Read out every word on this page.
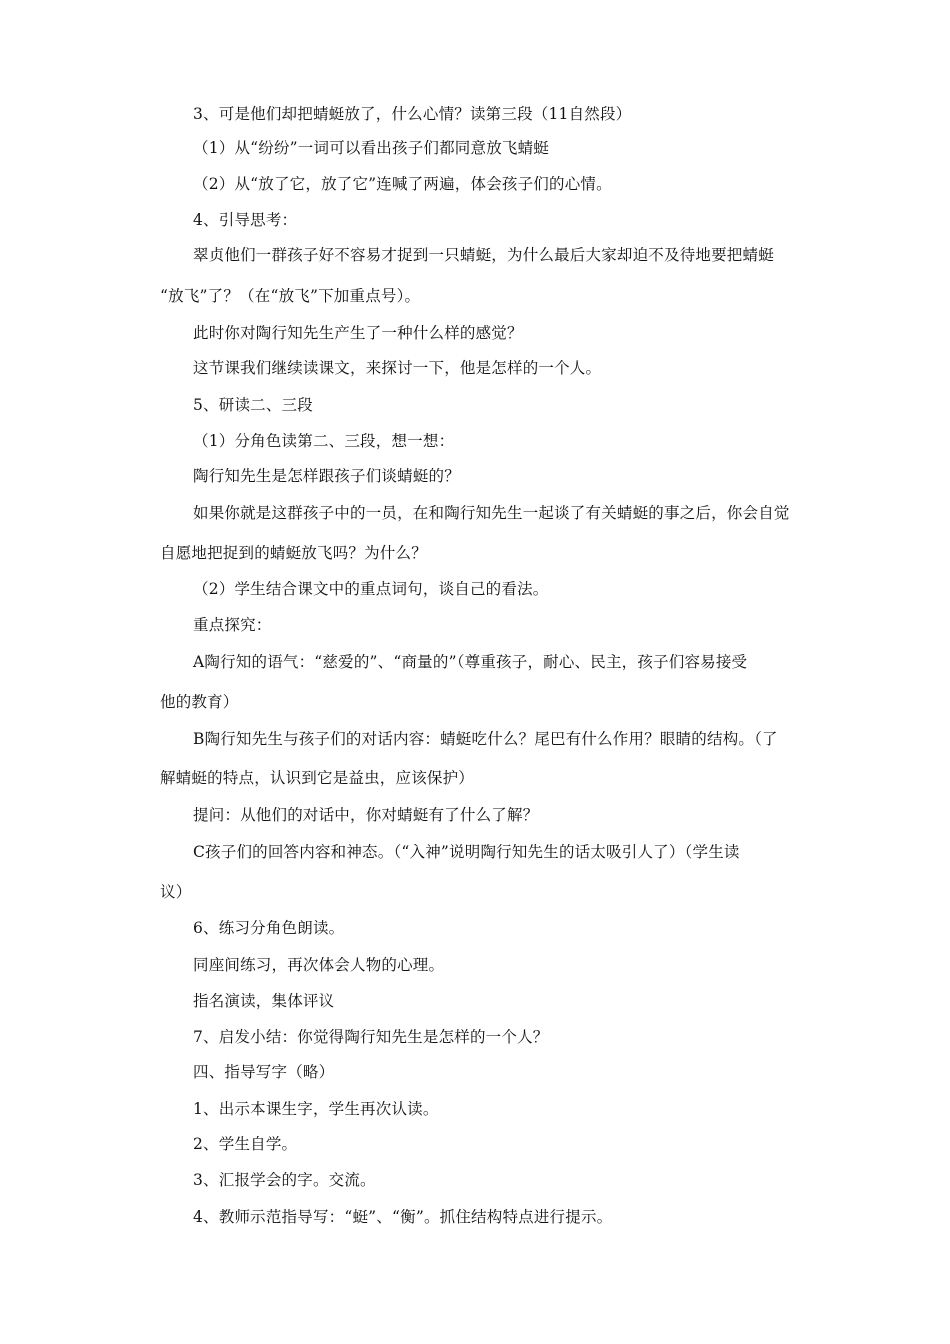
3、可是他们却把蜻蜓放了，什么心情？读第三段（11自然段）
（1）从“纷纷”一词可以看出孩子们都同意放飞蜻蜓
（2）从“放了它，放了它”连喊了两遍，体会孩子们的心情。
4、引导思考：
翠贞他们一群孩子好不容易才捉到一只蜻蜓，为什么最后大家却迫不及待地要把蜻蜓
“放飞”了？（在“放飞”下加重点号）。
此时你对陶行知先生产生了一种什么样的感觉？
这节课我们继续读课文，来探讨一下，他是怎样的一个人。
5、研读二、三段
（1）分角色读第二、三段，想一想：
陶行知先生是怎样跟孩子们谈蜻蜓的？
如果你就是这群孩子中的一员，在和陶行知先生一起谈了有关蜻蜓的事之后，你会自觉
自愿地把捉到的蜻蜓放飞吗？为什么？
（2）学生结合课文中的重点词句，谈自己的看法。
重点探究：
A陶行知的语气：“慈爱的”、“商量的”（尊重孩子，耐心、民主，孩子们容易接受
他的教育）
B陶行知先生与孩子们的对话内容：蜻蜓吃什么？尾巴有什么作用？眼睛的结构。（了
解蜻蜓的特点，认识到它是益虫，应该保护）
提问：从他们的对话中，你对蜻蜓有了什么了解？
C孩子们的回答内容和神态。（“入神”说明陶行知先生的话太吸引人了）（学生读
议）
6、练习分角色朗读。
同座间练习，再次体会人物的心理。
指名演读，集体评议
7、启发小结：你觉得陶行知先生是怎样的一个人？
四、指导写字（略）
1、出示本课生字，学生再次认读。
2、学生自学。
3、汇报学会的字。交流。
4、教师示范指导写：“蜓”、“衡”。抓住结构特点进行提示。
